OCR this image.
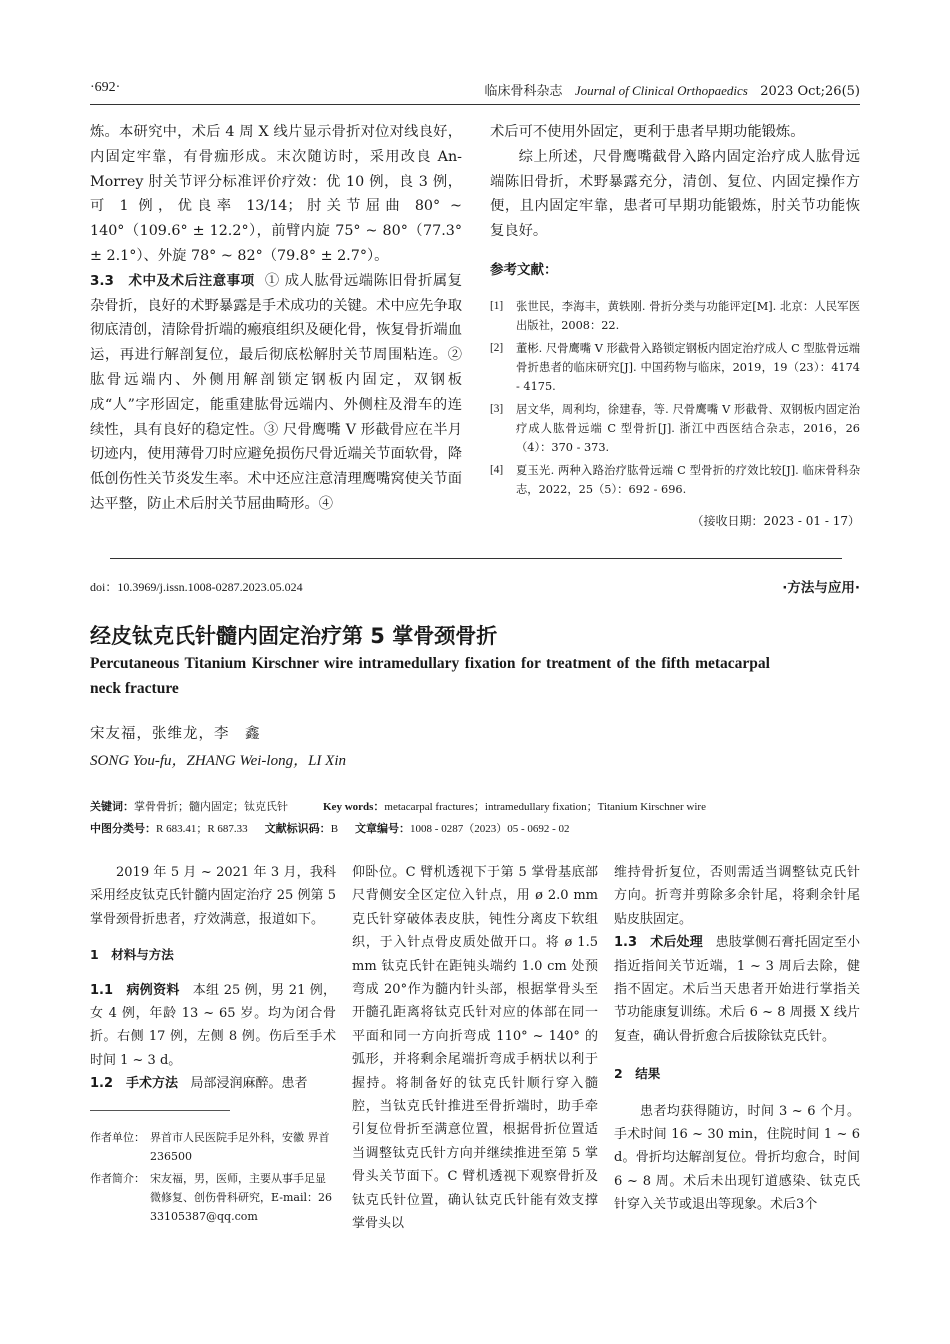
·692·	临床骨科杂志 Journal of Clinical Orthopaedics 2023 Oct;26(5)

炼。本研究中，术后 4 周 X 线片显示骨折对位对线良好，内固定牢靠，有骨痂形成。末次随访时，采用改良 An-Morrey 肘关节评分标准评价疗效：优 10 例，良 3 例，可 1 例，优良率 13/14；肘关节屈曲 80° ~ 140°（109.6° ± 12.2°），前臂内旋 75° ~ 80°（77.3° ± 2.1°）、外旋 78° ~ 82°（79.8° ± 2.7°）。

3.3　术中及术后注意事项 ① 成人肱骨远端陈旧骨折属复杂骨折，良好的术野暴露是手术成功的关键。术中应先争取彻底清创，清除骨折端的瘢痕组织及硬化骨，恢复骨折端血运，再进行解剖复位，最后彻底松解肘关节周围粘连。② 肱骨远端内、外侧用解剖锁定钢板内固定，双钢板成“人”字形固定，能重建肱骨远端内、外侧柱及滑车的连续性，具有良好的稳定性。③ 尺骨鹰嘴 V 形截骨应在半月切迹内，使用薄骨刀时应避免损伤尺骨近端关节面软骨，降低创伤性关节炎发生率。术中还应注意清理鹰嘴窝使关节面达平整，防止术后肘关节屈曲畸形。④

术后可不使用外固定，更利于患者早期功能锻炼。

综上所述，尺骨鹰嘴截骨入路内固定治疗成人肱骨远端陈旧骨折，术野暴露充分，清创、复位、内固定操作方便，且内固定牢靠，患者可早期功能锻炼，肘关节功能恢复良好。

参考文献：
[1]	张世民，李海丰，黄轶刚. 骨折分类与功能评定[M]. 北京：人民军医出版社，2008：22.
[2]	董彬. 尺骨鹰嘴 V 形截骨入路锁定钢板内固定治疗成人 C 型肱骨远端骨折患者的临床研究[J]. 中国药物与临床，2019，19（23）：4174 - 4175.
[3]	居文华，周利均，徐建春，等. 尺骨鹰嘴 V 形截骨、双钢板内固定治疗成人肱骨远端 C 型骨折[J]. 浙江中西医结合杂志，2016，26（4）：370 - 373.
[4]	夏玉光. 两种入路治疗肱骨远端 C 型骨折的疗效比较[J]. 临床骨科杂志，2022，25（5）：692 - 696.
（接收日期：2023 - 01 - 17）
doi：10.3969/j.issn.1008-0287.2023.05.024	·方法与应用·
经皮钛克氏针髓内固定治疗第 5 掌骨颈骨折
Percutaneous Titanium Kirschner wire intramedullary fixation for treatment of the fifth metacarpal neck fracture
宋友福，张维龙，李　鑫
SONG You-fu，ZHANG Wei-long，LI Xin
关键词：掌骨骨折；髓内固定；钛克氏针	Key words：metacarpal fractures；intramedullary fixation；Titanium Kirschner wire
中图分类号：R 683.41；R 687.33 文献标识码：B 文章编号：1008 - 0287（2023）05 - 0692 - 02

2019 年 5 月 ~ 2021 年 3 月，我科采用经皮钛克氏针髓内固定治疗 25 例第 5 掌骨颈骨折患者，疗效满意，报道如下。

1　材料与方法

1.1　病例资料 本组 25 例，男 21 例，女 4 例，年龄 13 ~ 65 岁。均为闭合骨折。右侧 17 例，左侧 8 例。伤后至手术时间 1 ~ 3 d。

1.2　手术方法 局部浸润麻醉。患者

作者单位： 界首市人民医院手足外科，安徽 界首　236500
作者简介： 宋友福，男，医师，主要从事手足显微修复、创伤骨科研究，E-mail：2633105387@qq.com

仰卧位。C 臂机透视下于第 5 掌骨基底部尺背侧安全区定位入针点，用 ø 2.0 mm 克氏针穿破体表皮肤，钝性分离皮下软组织，于入针点骨皮质处做开口。将 ø 1.5 mm 钛克氏针在距钝头端约 1.0 cm 处预弯成 20°作为髓内针头部，根据掌骨头至开髓孔距离将钛克氏针对应的体部在同一平面和同一方向折弯成 110° ~ 140° 的弧形，并将剩余尾端折弯成手柄状以利于握持。将制备好的钛克氏针顺行穿入髓腔，当钛克氏针推进至骨折端时，助手牵引复位骨折至满意位置，根据骨折位置适当调整钛克氏针方向并继续推进至第 5 掌骨头关节面下。C 臂机透视下观察骨折及钛克氏针位置，确认钛克氏针能有效支撑掌骨头以

维持骨折复位，否则需适当调整钛克氏针方向。折弯并剪除多余针尾，将剩余针尾贴皮肤固定。

1.3　术后处理 患肢掌侧石膏托固定至小指近指间关节近端，1 ~ 3 周后去除，健指不固定。术后当天患者开始进行掌指关节功能康复训练。术后 6 ~ 8 周摄 X 线片复查，确认骨折愈合后拔除钛克氏针。

2　结果

患者均获得随访，时间 3 ~ 6 个月。手术时间 16 ~ 30 min，住院时间 1 ~ 6 d。骨折均达解剖复位。骨折均愈合，时间 6 ~ 8 周。术后未出现钉道感染、钛克氏针穿入关节或退出等现象。术后3个
